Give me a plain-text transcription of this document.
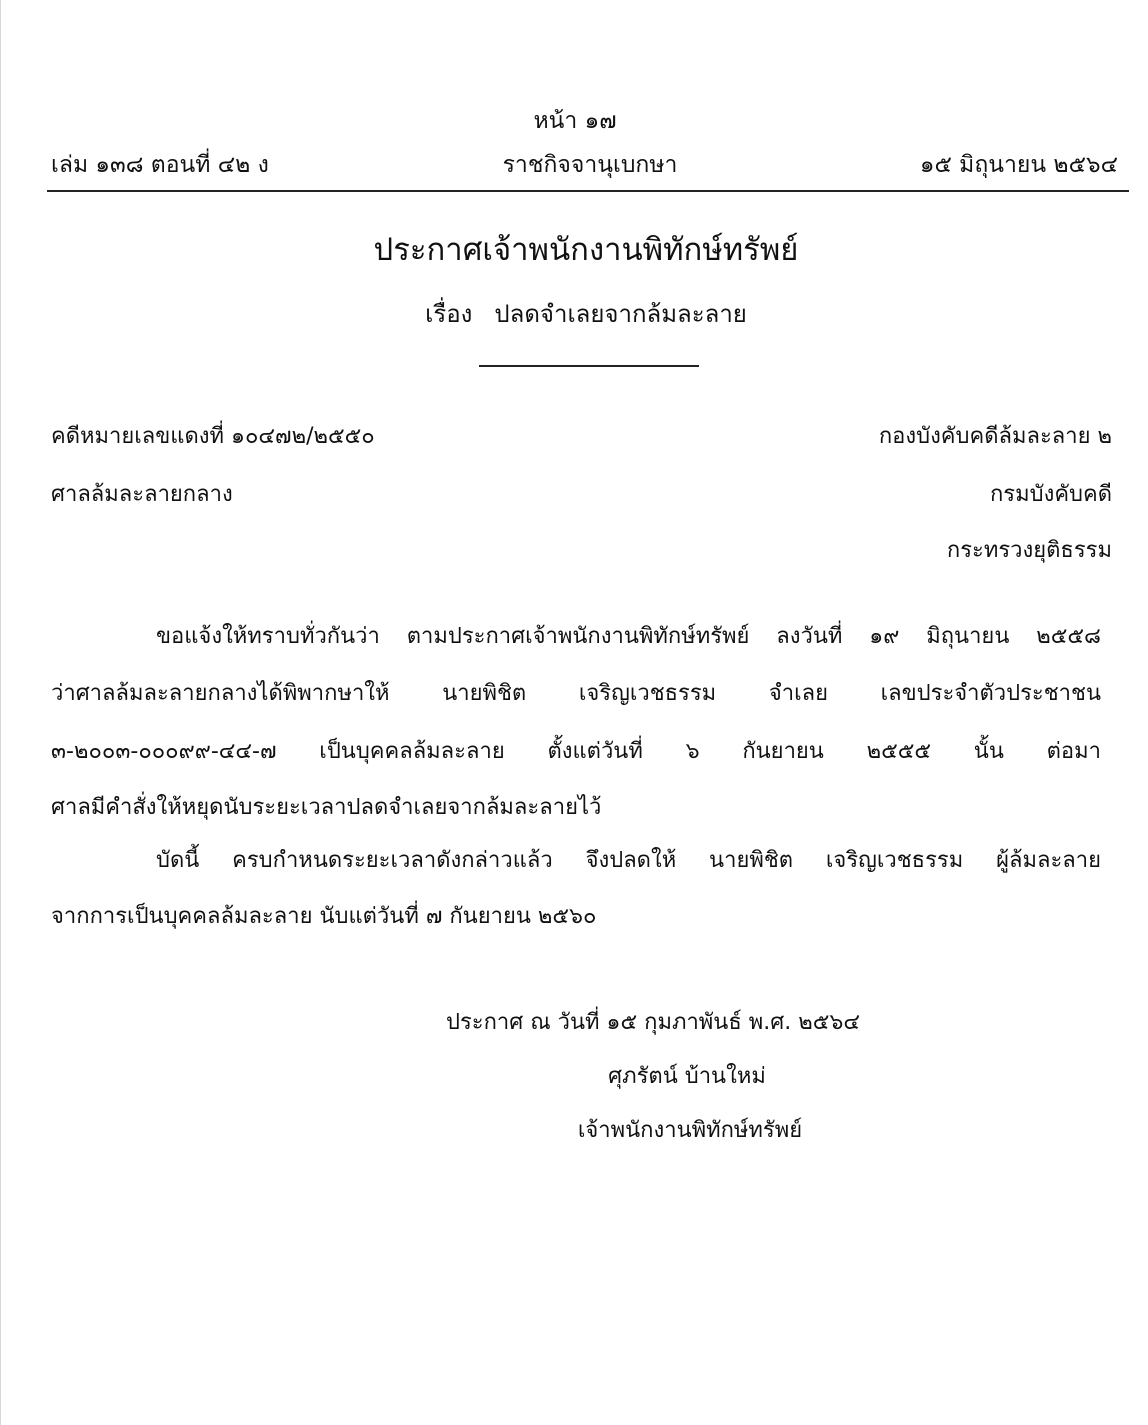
หน้า ๑๗
เล่ม ๑๓๘ ตอนที่ ๔๒ ง	ราชกิจจานุเบกษา	๑๕ มิถุนายน ๒๕๖๔
ประกาศเจ้าพนักงานพิทักษ์ทรัพย์
เรื่อง ปลดจำเลยจากล้มละลาย
คดีหมายเลขแดงที่ ๑๐๔๗๒/๒๕๕๐
ศาลล้มละลายกลาง
กองบังคับคดีล้มละลาย ๒
กรมบังคับคดี
กระทรวงยุติธรรม
ขอแจ้งให้ทราบทั่วกันว่า ตามประกาศเจ้าพนักงานพิทักษ์ทรัพย์ ลงวันที่ ๑๙ มิถุนายน ๒๕๕๘
ว่าศาลล้มละลายกลางได้พิพากษาให้ นายพิชิต เจริญเวชธรรม จำเลย เลขประจำตัวประชาชน
๓-๒๐๐๓-๐๐๐๙๙-๔๔-๗ เป็นบุคคลล้มละลาย ตั้งแต่วันที่ ๖ กันยายน ๒๕๕๕ นั้น ต่อมา
ศาลมีคำสั่งให้หยุดนับระยะเวลาปลดจำเลยจากล้มละลายไว้
บัดนี้ ครบกำหนดระยะเวลาดังกล่าวแล้ว จึงปลดให้ นายพิชิต เจริญเวชธรรม ผู้ล้มละลาย
จากการเป็นบุคคลล้มละลาย นับแต่วันที่ ๗ กันยายน ๒๕๖๐
ประกาศ ณ วันที่ ๑๕ กุมภาพันธ์ พ.ศ. ๒๕๖๔
ศุภรัตน์ บ้านใหม่
เจ้าพนักงานพิทักษ์ทรัพย์
